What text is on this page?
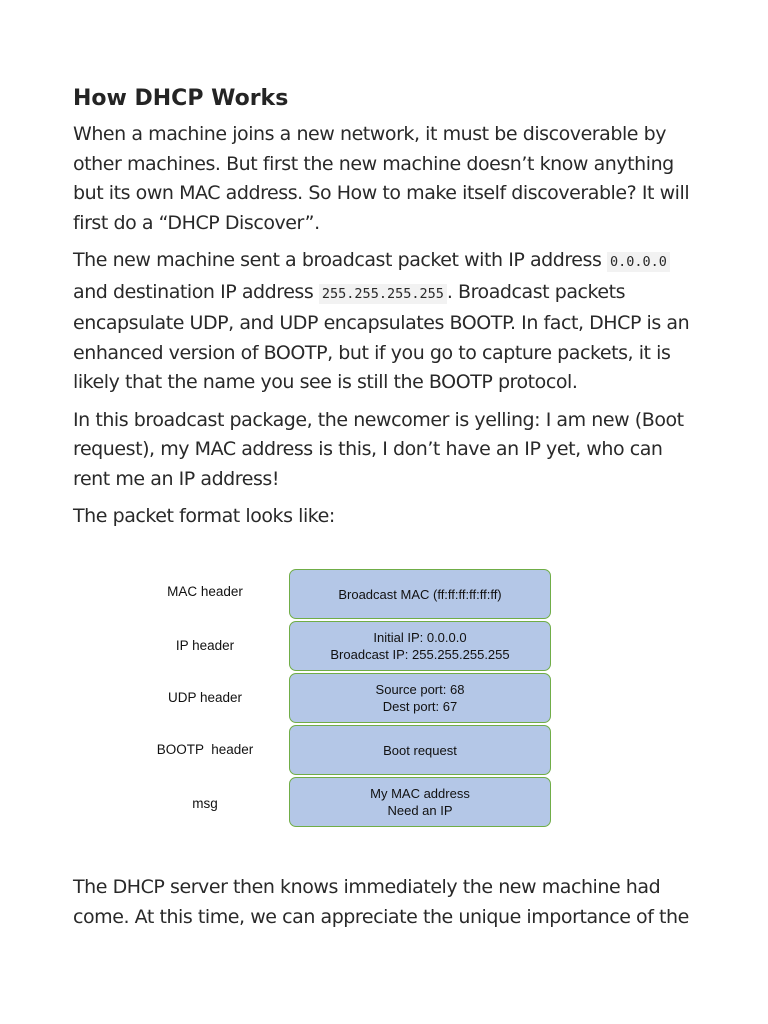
How DHCP Works

When a machine joins a new network, it must be discoverable by other machines. But first the new machine doesn’t know anything but its own MAC address. So How to make itself discoverable? It will first do a “DHCP Discover”.

The new machine sent a broadcast packet with IP address 0.0.0.0 and destination IP address 255.255.255.255 . Broadcast packets encapsulate UDP, and UDP encapsulates BOOTP. In fact, DHCP is an enhanced version of BOOTP, but if you go to capture packets, it is likely that the name you see is still the BOOTP protocol.

In this broadcast package, the newcomer is yelling: I am new (Boot request), my MAC address is this, I don’t have an IP yet, who can rent me an IP address!

The packet format looks like:

MAC header	Broadcast MAC (ff:ff:ff:ff:ff:ff)
IP header
Initial IP: 0.0.0.0
Broadcast IP: 255.255.255.255
UDP header
Source port: 68
Dest port: 67
BOOTP  header	Boot request
msg
My MAC address
Need an IP

The DHCP server then knows immediately the new machine had come. At this time, we can appreciate the unique importance of the
